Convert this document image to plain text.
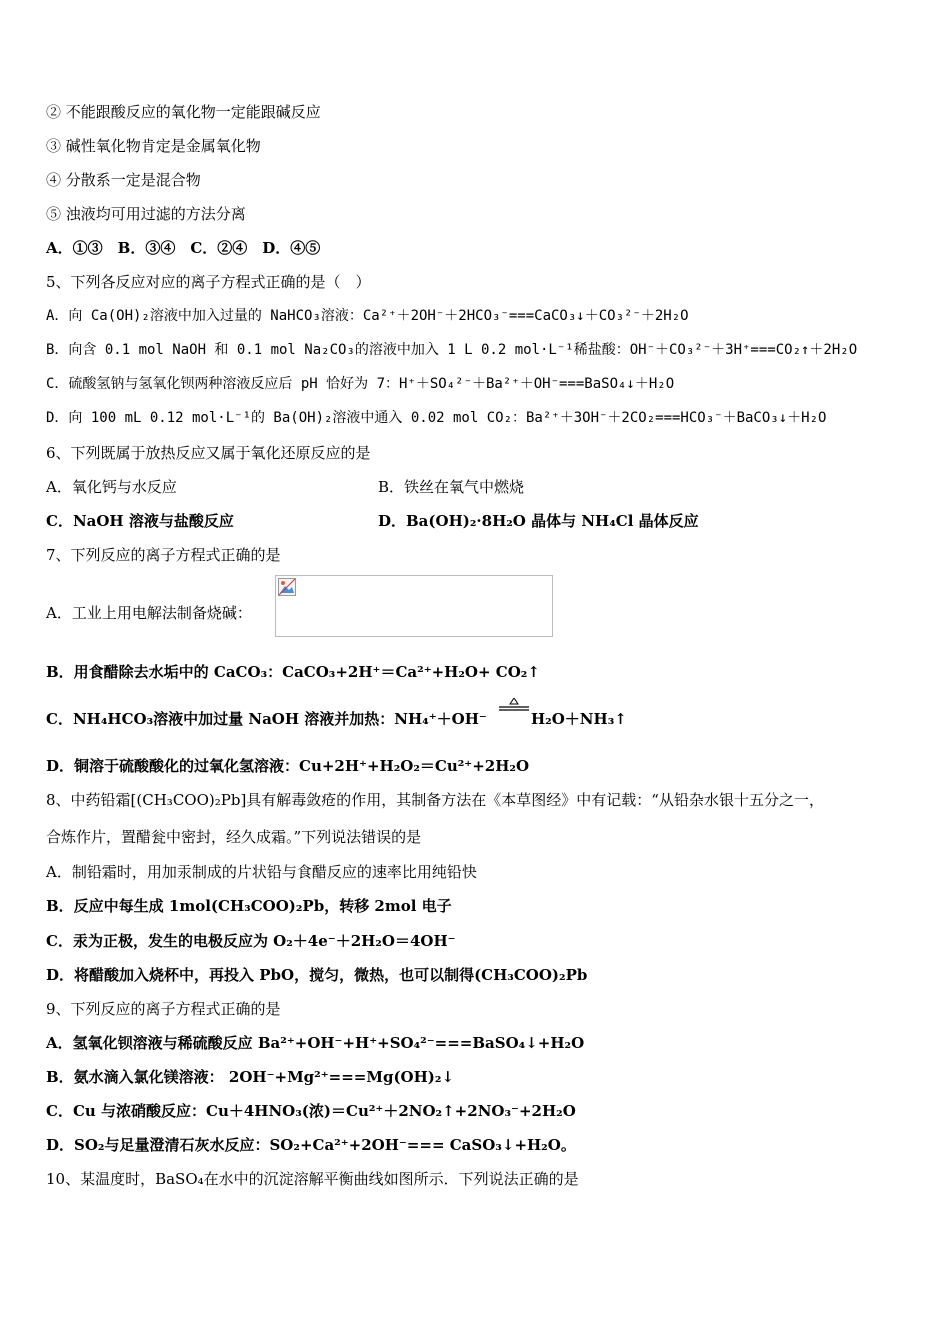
② 不能跟酸反应的氧化物一定能跟碱反应
③ 碱性氧化物肯定是金属氧化物
④ 分散系一定是混合物
⑤ 浊液均可用过滤的方法分离
A．①③　B．③④　C．②④　D．④⑤
5、下列各反应对应的离子方程式正确的是（　）
A．向 Ca(OH)₂溶液中加入过量的 NaHCO₃溶液：Ca²⁺＋2OH⁻＋2HCO₃⁻===CaCO₃↓＋CO₃²⁻＋2H₂O
B．向含 0.1 mol NaOH 和 0.1 mol Na₂CO₃的溶液中加入 1 L 0.2 mol·L⁻¹稀盐酸：OH⁻＋CO₃²⁻＋3H⁺===CO₂↑＋2H₂O
C．硫酸氢钠与氢氧化钡两种溶液反应后 pH 恰好为 7：H⁺＋SO₄²⁻＋Ba²⁺＋OH⁻===BaSO₄↓＋H₂O
D．向 100 mL 0.12 mol·L⁻¹的 Ba(OH)₂溶液中通入 0.02 mol CO₂：Ba²⁺＋3OH⁻＋2CO₂===HCO₃⁻＋BaCO₃↓＋H₂O
6、下列既属于放热反应又属于氧化还原反应的是
A．氧化钙与水反应	B．铁丝在氧气中燃烧
C．NaOH 溶液与盐酸反应	D．Ba(OH)₂·8H₂O 晶体与 NH₄Cl 晶体反应
7、下列反应的离子方程式正确的是
A．工业上用电解法制备烧碱：
B．用食醋除去水垢中的 CaCO₃：CaCO₃+2H⁺＝Ca²⁺+H₂O+ CO₂↑
C．NH₄HCO₃溶液中加过量 NaOH 溶液并加热：NH₄⁺＋OH⁻	H₂O＋NH₃↑
D．铜溶于硫酸酸化的过氧化氢溶液：Cu+2H⁺+H₂O₂＝Cu²⁺+2H₂O
8、中药铅霜[(CH₃COO)₂Pb]具有解毒敛疮的作用，其制备方法在《本草图经》中有记载：“从铅杂水银十五分之一，
合炼作片，置醋瓮中密封，经久成霜。”下列说法错误的是
A．制铅霜时，用加汞制成的片状铅与食醋反应的速率比用纯铅快
B．反应中每生成 1mol(CH₃COO)₂Pb，转移 2mol 电子
C．汞为正极，发生的电极反应为 O₂＋4e⁻＋2H₂O＝4OH⁻
D．将醋酸加入烧杯中，再投入 PbO，搅匀，微热，也可以制得(CH₃COO)₂Pb
9、下列反应的离子方程式正确的是
A．氢氧化钡溶液与稀硫酸反应 Ba²⁺+OH⁻+H⁺+SO₄²⁻===BaSO₄↓+H₂O
B．氨水滴入氯化镁溶液： 2OH⁻+Mg²⁺===Mg(OH)₂↓
C．Cu 与浓硝酸反应：Cu＋4HNO₃(浓)＝Cu²⁺＋2NO₂↑+2NO₃⁻+2H₂O
D．SO₂与足量澄清石灰水反应：SO₂+Ca²⁺+2OH⁻=== CaSO₃↓+H₂O。
10、某温度时，BaSO₄在水中的沉淀溶解平衡曲线如图所示．下列说法正确的是
